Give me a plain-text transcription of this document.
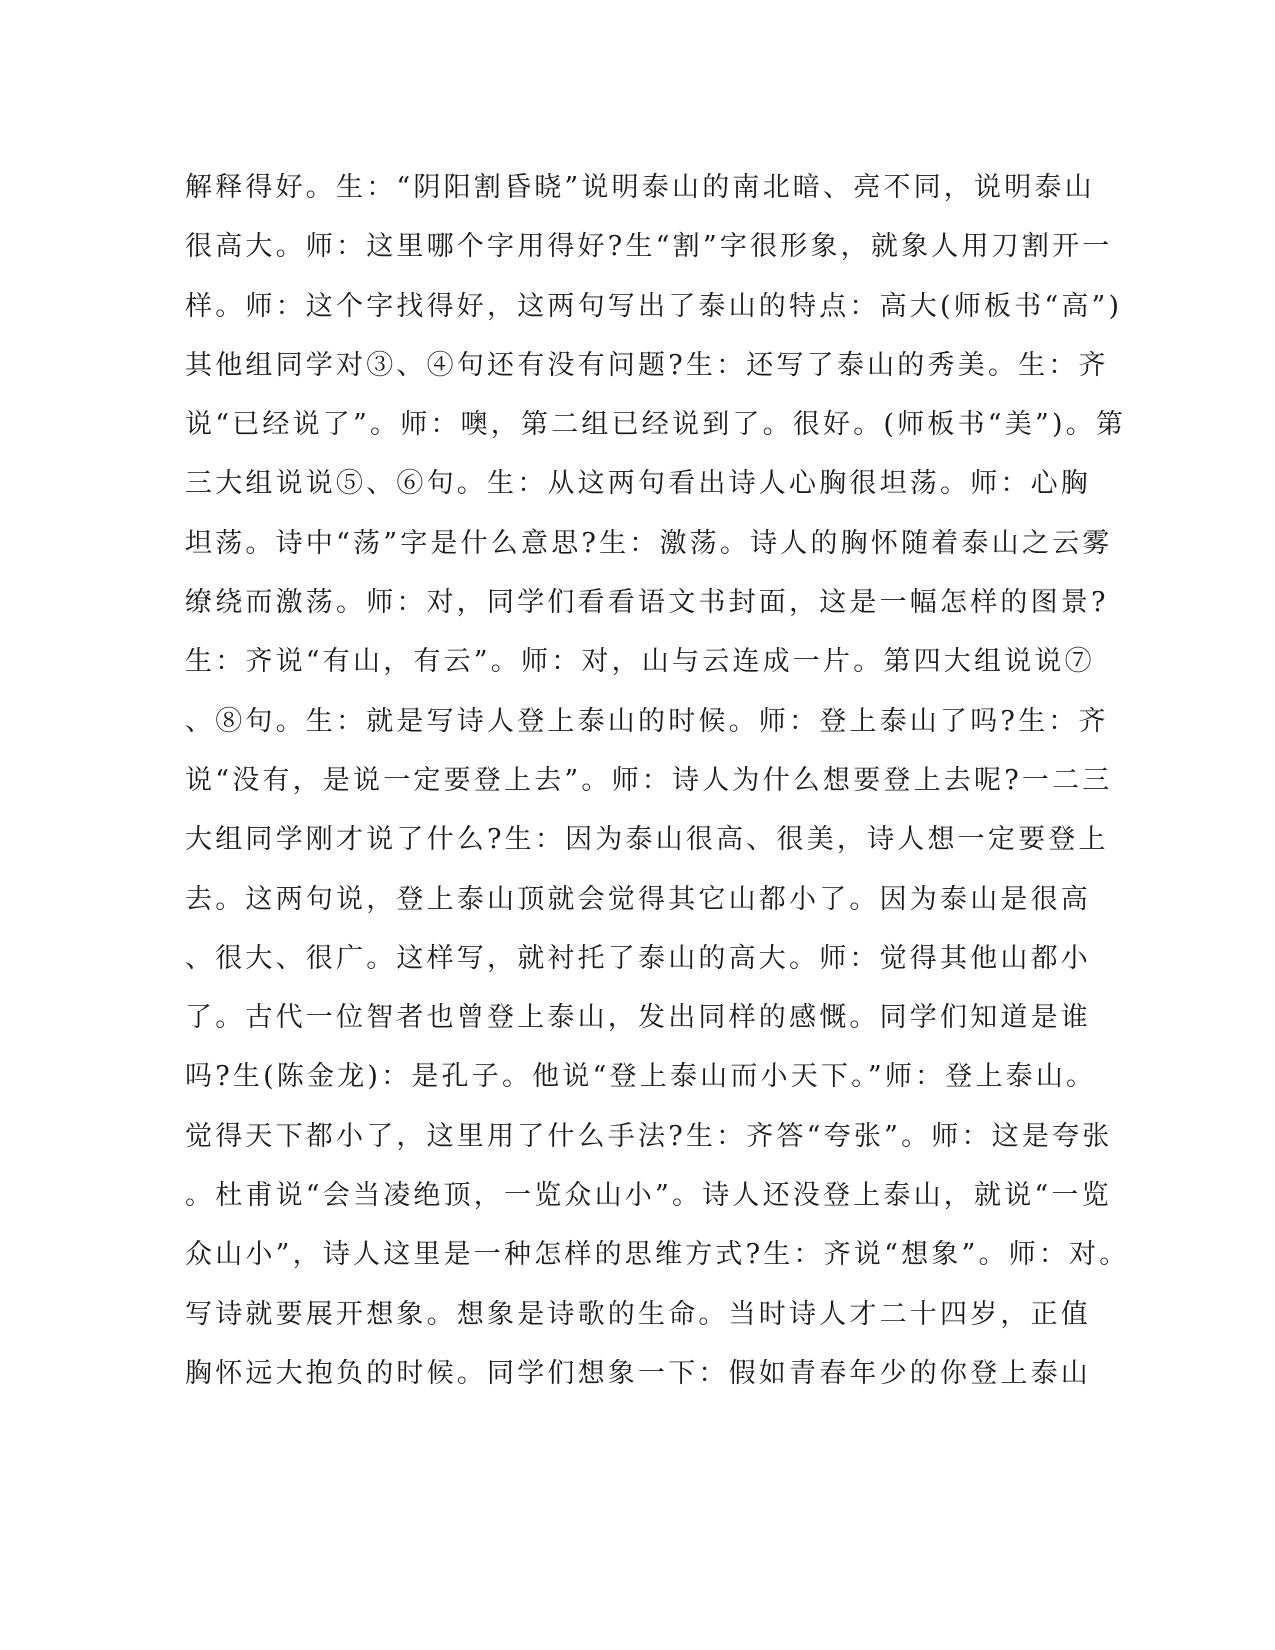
解释得好。生：“阴阳割昏晓”说明泰山的南北暗、亮不同，说明泰山
很高大。师：这里哪个字用得好?生“割”字很形象，就象人用刀割开一
样。师：这个字找得好，这两句写出了泰山的特点：高大(师板书“高”)
其他组同学对③、④句还有没有问题?生：还写了泰山的秀美。生：齐
说“已经说了”。师：噢，第二组已经说到了。很好。(师板书“美”)。第
三大组说说⑤、⑥句。生：从这两句看出诗人心胸很坦荡。师：心胸
坦荡。诗中“荡”字是什么意思?生：激荡。诗人的胸怀随着泰山之云雾
缭绕而激荡。师：对，同学们看看语文书封面，这是一幅怎样的图景?
生：齐说“有山，有云”。师：对，山与云连成一片。第四大组说说⑦
、⑧句。生：就是写诗人登上泰山的时候。师：登上泰山了吗?生：齐
说“没有，是说一定要登上去”。师：诗人为什么想要登上去呢?一二三
大组同学刚才说了什么?生：因为泰山很高、很美，诗人想一定要登上
去。这两句说，登上泰山顶就会觉得其它山都小了。因为泰山是很高
、很大、很广。这样写，就衬托了泰山的高大。师：觉得其他山都小
了。古代一位智者也曾登上泰山，发出同样的感慨。同学们知道是谁
吗?生(陈金龙)：是孔子。他说“登上泰山而小天下。”师：登上泰山。
觉得天下都小了，这里用了什么手法?生：齐答“夸张”。师：这是夸张
。杜甫说“会当凌绝顶，一览众山小”。诗人还没登上泰山，就说“一览
众山小”，诗人这里是一种怎样的思维方式?生：齐说“想象”。师：对。
写诗就要展开想象。想象是诗歌的生命。当时诗人才二十四岁，正值
胸怀远大抱负的时候。同学们想象一下：假如青春年少的你登上泰山
